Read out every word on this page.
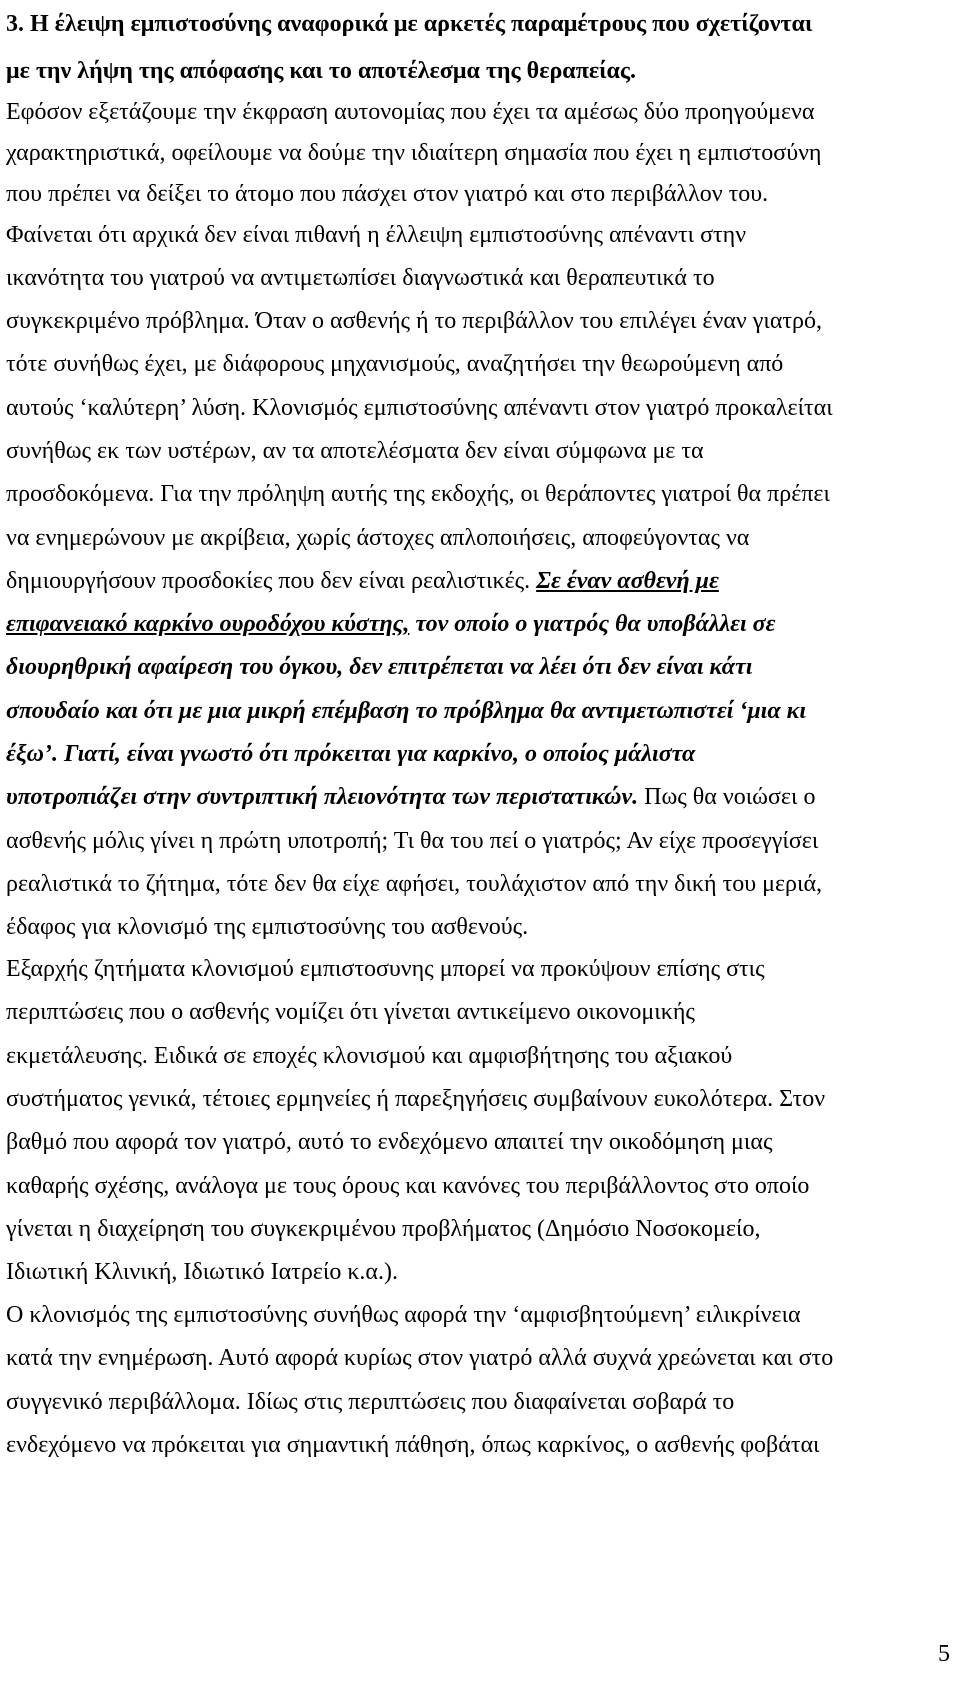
3. Η έλειψη εμπιστοσύνης αναφορικά με αρκετές παραμέτρους που σχετίζονται
με την λήψη της απόφασης και το αποτέλεσμα της θεραπείας.
Εφόσον εξετάζουμε την έκφραση αυτονομίας που έχει τα αμέσως δύο προηγούμενα
χαρακτηριστικά, οφείλουμε να δούμε την ιδιαίτερη σημασία που έχει η εμπιστοσύνη
που πρέπει να δείξει το άτομο που πάσχει στον γιατρό και στο περιβάλλον του.
Φαίνεται ότι αρχικά δεν είναι πιθανή η έλλειψη εμπιστοσύνης απέναντι στην
ικανότητα του γιατρού να αντιμετωπίσει διαγνωστικά και θεραπευτικά το
συγκεκριμένο πρόβλημα. Όταν ο ασθενής ή το περιβάλλον του επιλέγει έναν γιατρό,
τότε συνήθως έχει, με διάφορους μηχανισμούς, αναζητήσει την θεωρούμενη από
αυτούς ‘καλύτερη’ λύση. Κλονισμός εμπιστοσύνης απέναντι στον γιατρό προκαλείται
συνήθως εκ των υστέρων, αν τα αποτελέσματα δεν είναι σύμφωνα με τα
προσδοκόμενα. Για την πρόληψη αυτής της εκδοχής, οι θεράποντες γιατροί θα πρέπει
να ενημερώνουν με ακρίβεια, χωρίς άστοχες απλοποιήσεις, αποφεύγοντας να
δημιουργήσουν προσδοκίες που δεν είναι ρεαλιστικές. Σε έναν ασθενή με
επιφανειακό καρκίνο ουροδόχου κύστης, τον οποίο ο γιατρός θα υποβάλλει σε
διουρηθρική αφαίρεση του όγκου, δεν επιτρέπεται να λέει ότι δεν είναι κάτι
σπουδαίο και ότι με μια μικρή επέμβαση το πρόβλημα θα αντιμετωπιστεί ‘μια κι
έξω’. Γιατί, είναι γνωστό ότι πρόκειται για καρκίνο, ο οποίος μάλιστα
υποτροπιάζει στην συντριπτική πλειονότητα των περιστατικών. Πως θα νοιώσει ο
ασθενής μόλις γίνει η πρώτη υποτροπή; Τι θα του πεί ο γιατρός; Αν είχε προσεγγίσει
ρεαλιστικά το ζήτημα, τότε δεν θα είχε αφήσει, τουλάχιστον από την δική του μεριά,
έδαφος για κλονισμό της εμπιστοσύνης του ασθενούς.
Εξαρχής ζητήματα κλονισμού εμπιστοσυνης μπορεί να προκύψουν επίσης στις
περιπτώσεις που ο ασθενής νομίζει ότι γίνεται αντικείμενο οικονομικής
εκμετάλευσης. Ειδικά σε εποχές κλονισμού και αμφισβήτησης του αξιακού
συστήματος γενικά, τέτοιες ερμηνείες ή παρεξηγήσεις συμβαίνουν ευκολότερα. Στον
βαθμό που αφορά τον γιατρό, αυτό το ενδεχόμενο απαιτεί την οικοδόμηση μιας
καθαρής σχέσης, ανάλογα με τους όρους και κανόνες του περιβάλλοντος στο οποίο
γίνεται η διαχείρηση του συγκεκριμένου προβλήματος (Δημόσιο Νοσοκομείο,
Ιδιωτική Κλινική, Ιδιωτικό Ιατρείο κ.α.).
Ο κλονισμός της εμπιστοσύνης συνήθως αφορά την ‘αμφισβητούμενη’ ειλικρίνεια
κατά την ενημέρωση. Αυτό αφορά κυρίως στον γιατρό αλλά συχνά χρεώνεται και στο
συγγενικό περιβάλλομα. Ιδίως στις περιπτώσεις που διαφαίνεται σοβαρά το
ενδεχόμενο να πρόκειται για σημαντική πάθηση, όπως καρκίνος, ο ασθενής φοβάται
5
